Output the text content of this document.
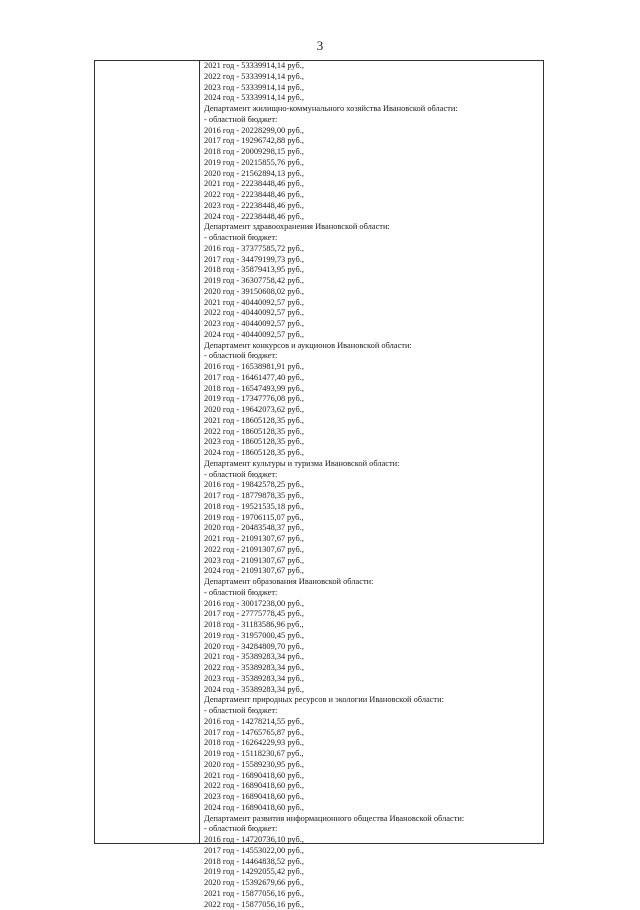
3
2021 год - 53339914,14 руб.,
2022 год - 53339914,14 руб.,
2023 год - 53339914,14 руб.,
2024 год - 53339914,14 руб.,
Департамент жилищно-коммунального хозяйства Ивановской области:
- областной бюджет:
2016 год - 20228299,00 руб.,
2017 год - 19296742,88 руб.,
2018 год - 20009298,15 руб.,
2019 год - 20215855,76 руб.,
2020 год - 21562894,13 руб.,
2021 год - 22238448,46 руб.,
2022 год - 22238448,46 руб.,
2023 год - 22238448,46 руб.,
2024 год - 22238448,46 руб.,
Департамент здравоохранения Ивановской области:
- областной бюджет:
2016 год - 37377585,72 руб.,
2017 год - 34479199,73 руб.,
2018 год - 35879413,95 руб.,
2019 год - 36307758,42 руб.,
2020 год - 39150608,02 руб.,
2021 год - 40440092,57 руб.,
2022 год - 40440092,57 руб.,
2023 год - 40440092,57 руб.,
2024 год - 40440092,57 руб.,
Департамент конкурсов и аукционов Ивановской области:
- областной бюджет:
2016 год - 16538981,91 руб.,
2017 год - 16461477,40 руб.,
2018 год - 16547493,99 руб.,
2019 год - 17347776,08 руб.,
2020 год - 19642073,62 руб.,
2021 год - 18605128,35 руб.,
2022 год - 18605128,35 руб.,
2023 год - 18605128,35 руб.,
2024 год - 18605128,35 руб.,
Департамент культуры и туризма Ивановской области:
- областной бюджет:
2016 год - 19842578,25 руб.,
2017 год - 18779878,35 руб.,
2018 год - 19521535,18 руб.,
2019 год - 19706115,07 руб.,
2020 год - 20483548,37 руб.,
2021 год - 21091307,67 руб.,
2022 год - 21091307,67 руб.,
2023 год - 21091307,67 руб.,
2024 год - 21091307,67 руб.,
Департамент образования Ивановской области:
- областной бюджет:
2016 год - 30017238,00 руб.,
2017 год - 27775778,45 руб.,
2018 год - 31183586,96 руб.,
2019 год - 31957000,45 руб.,
2020 год - 34284809,70 руб.,
2021 год - 35389283,34 руб.,
2022 год - 35389283,34 руб.,
2023 год - 35389283,34 руб.,
2024 год - 35389283,34 руб.,
Департамент природных ресурсов и экологии Ивановской области:
- областной бюджет:
2016 год - 14278214,55 руб.,
2017 год - 14765765,87 руб.,
2018 год - 16264229,93 руб.,
2019 год - 15118230,67 руб.,
2020 год - 15589230,95 руб.,
2021 год - 16890418,60 руб.,
2022 год - 16890418,60 руб.,
2023 год - 16890418,60 руб.,
2024 год - 16890418,60 руб.,
Департамент развития информационного общества Ивановской области:
- областной бюджет:
2016 год - 14720736,10 руб.,
2017 год - 14553022,00 руб.,
2018 год - 14464838,52 руб.,
2019 год - 14292055,42 руб.,
2020 год - 15392679,66 руб.,
2021 год - 15877056,16 руб.,
2022 год - 15877056,16 руб.,
